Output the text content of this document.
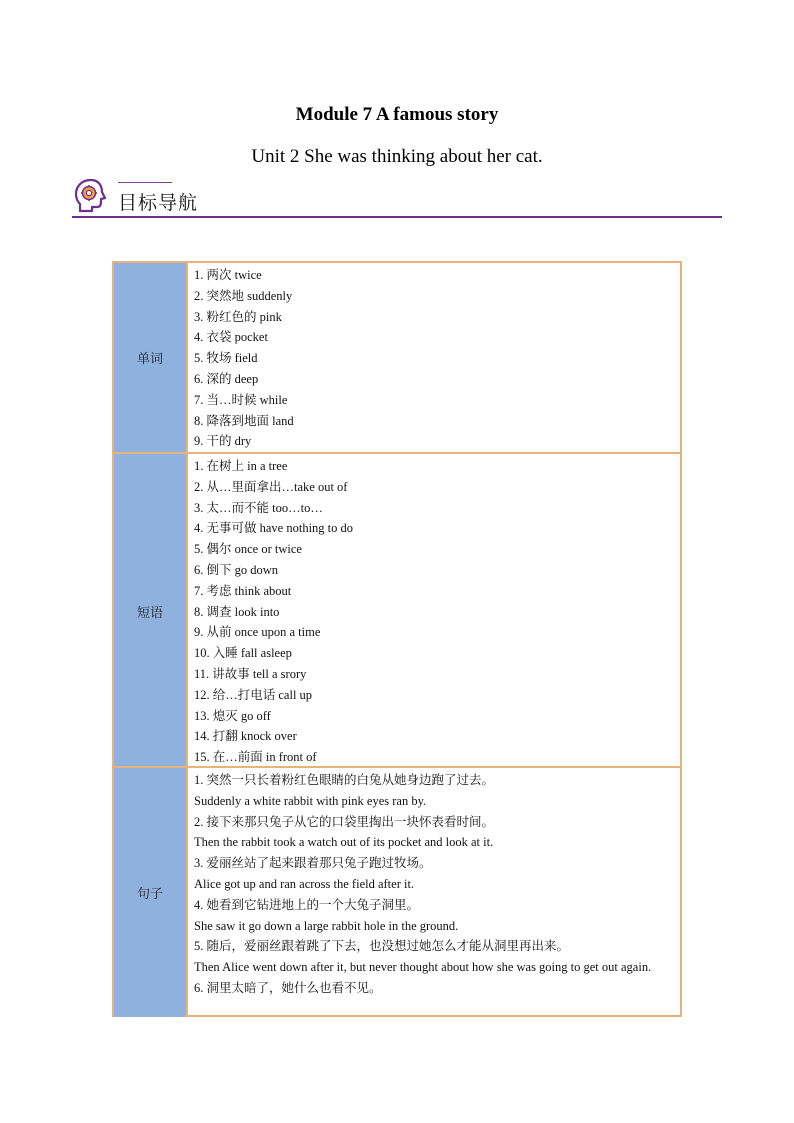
Module 7 A famous story
Unit 2 She was thinking about her cat.
目标导航
单词
1. 两次 twice
2. 突然地 suddenly
3. 粉红色的 pink
4. 衣袋 pocket
5. 牧场 field
6. 深的 deep
7. 当…时候 while
8. 降落到地面 land
9. 干的 dry
短语
1. 在树上 in a tree
2. 从…里面拿出…take out of
3. 太…而不能 too…to…
4. 无事可做 have nothing to do
5. 偶尔 once or twice
6. 倒下 go down
7. 考虑 think about
8. 调查 look into
9. 从前 once upon a time
10. 入睡 fall asleep
11. 讲故事 tell a srory
12. 给…打电话 call up
13. 熄灭 go off
14. 打翻 knock over
15. 在…前面 in front of
句子
1. 突然一只长着粉红色眼睛的白兔从她身边跑了过去。
Suddenly a white rabbit with pink eyes ran by.
2. 接下来那只兔子从它的口袋里掏出一块怀表看时间。
Then the rabbit took a watch out of its pocket and look at it.
3. 爱丽丝站了起来跟着那只兔子跑过牧场。
Alice got up and ran across the field after it.
4. 她看到它钻进地上的一个大兔子洞里。
She saw it go down a large rabbit hole in the ground.
5. 随后，爱丽丝跟着跳了下去，也没想过她怎么才能从洞里再出来。
Then Alice went down after it, but never thought about how she was going to get out again.
6. 洞里太暗了，她什么也看不见。
